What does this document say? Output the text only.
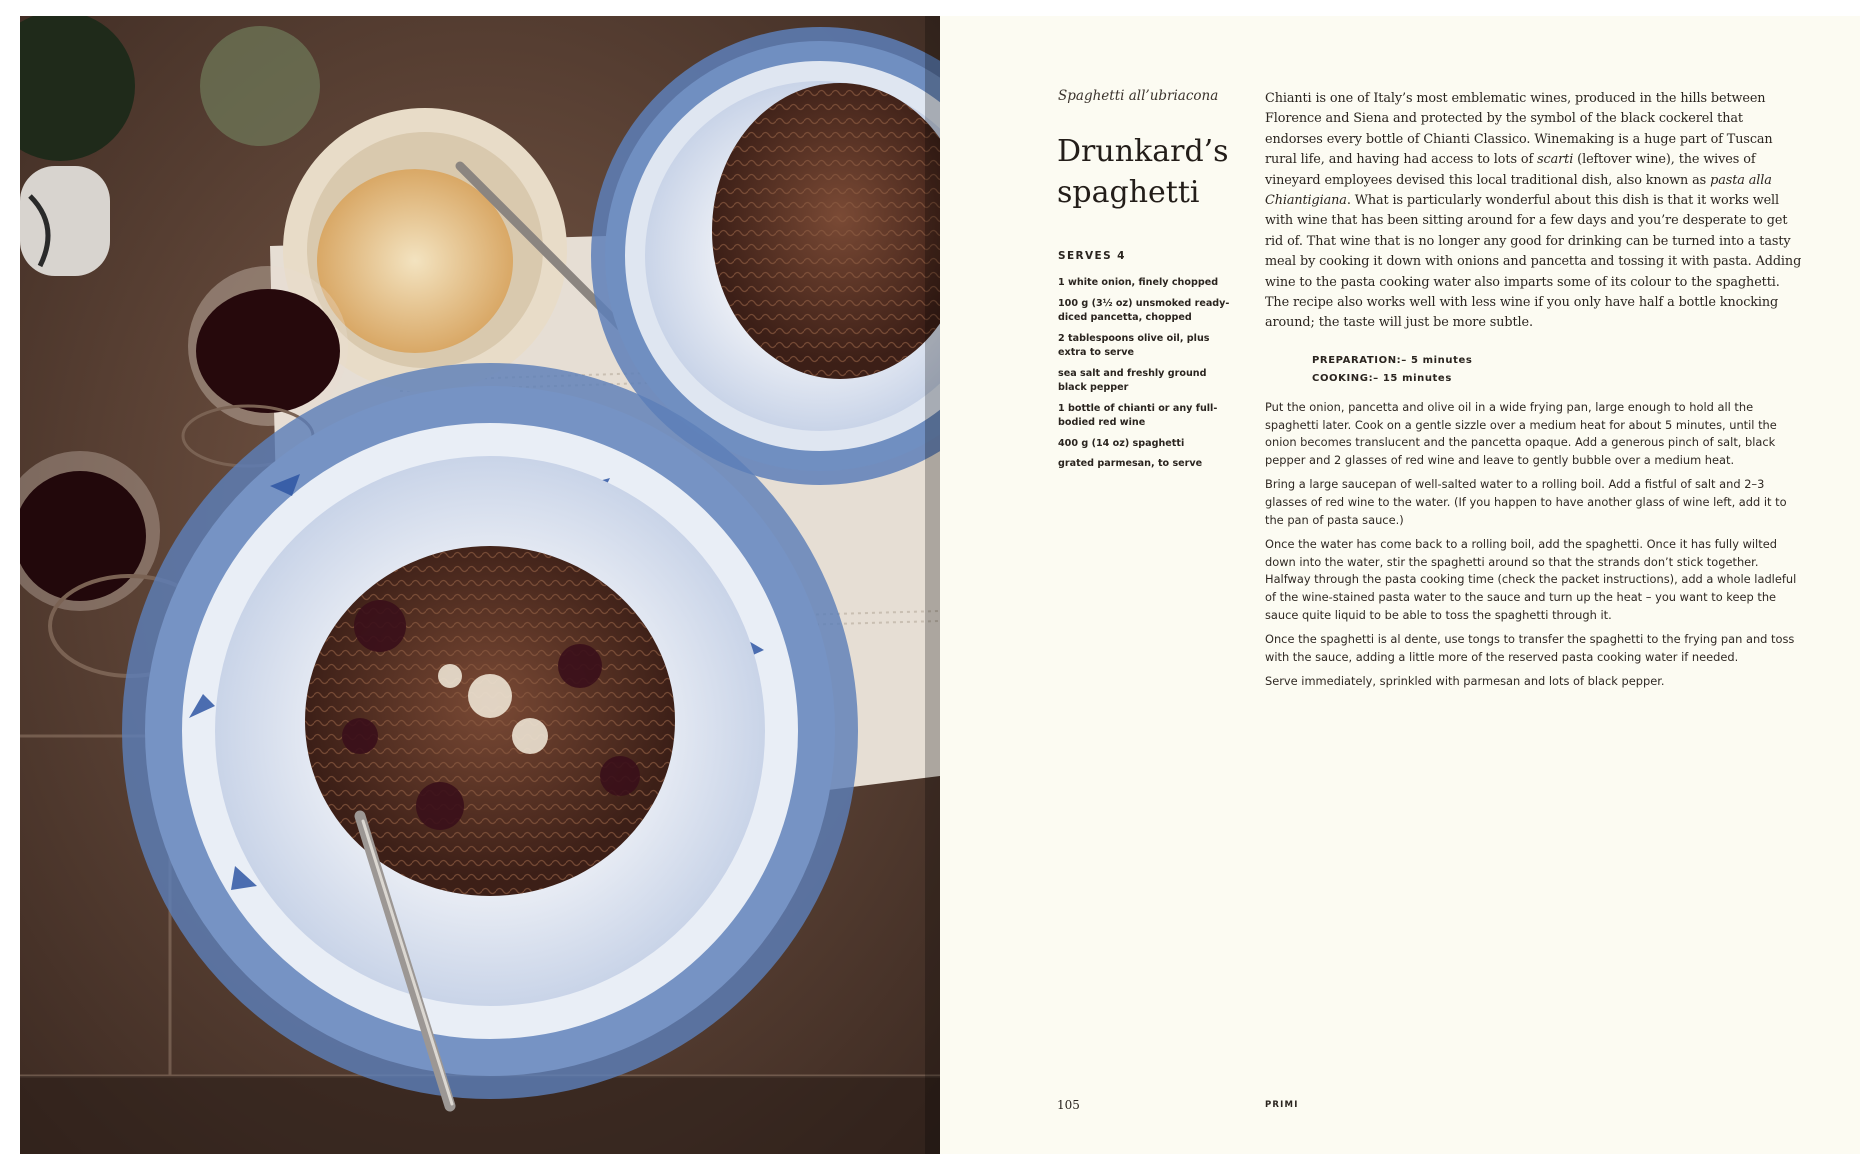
Spaghetti all’ubriacona
Drunkard’s
spaghetti
SERVES 4
1 white onion, finely chopped
100 g (3½ oz) unsmoked ready-diced pancetta, chopped
2 tablespoons olive oil, plus extra to serve
sea salt and freshly ground black pepper
1 bottle of chianti or any full-bodied red wine
400 g (14 oz) spaghetti
grated parmesan, to serve

Chianti is one of Italy’s most emblematic wines, produced in the hills between Florence and Siena and protected by the symbol of the black cockerel that endorses every bottle of Chianti Classico. Winemaking is a huge part of Tuscan rural life, and having had access to lots of scarti (leftover wine), the wives of vineyard employees devised this local traditional dish, also known as pasta alla Chiantigiana. What is particularly wonderful about this dish is that it works well with wine that has been sitting around for a few days and you’re desperate to get rid of. That wine that is no longer any good for drinking can be turned into a tasty meal by cooking it down with onions and pancetta and tossing it with pasta. Adding wine to the pasta cooking water also imparts some of its colour to the spaghetti. The recipe also works well with less wine if you only have half a bottle knocking around; the taste will just be more subtle.

PREPARATION:– 5 minutes
COOKING:– 15 minutes

Put the onion, pancetta and olive oil in a wide frying pan, large enough to hold all the spaghetti later. Cook on a gentle sizzle over a medium heat for about 5 minutes, until the onion becomes translucent and the pancetta opaque. Add a generous pinch of salt, black pepper and 2 glasses of red wine and leave to gently bubble over a medium heat.

Bring a large saucepan of well-salted water to a rolling boil. Add a fistful of salt and 2–3 glasses of red wine to the water. (If you happen to have another glass of wine left, add it to the pan of pasta sauce.)

Once the water has come back to a rolling boil, add the spaghetti. Once it has fully wilted down into the water, stir the spaghetti around so that the strands don’t stick together. Halfway through the pasta cooking time (check the packet instructions), add a whole ladleful of the wine-stained pasta water to the sauce and turn up the heat – you want to keep the sauce quite liquid to be able to toss the spaghetti through it.

Once the spaghetti is al dente, use tongs to transfer the spaghetti to the frying pan and toss with the sauce, adding a little more of the reserved pasta cooking water if needed.

Serve immediately, sprinkled with parmesan and lots of black pepper.

105	PRIMI
